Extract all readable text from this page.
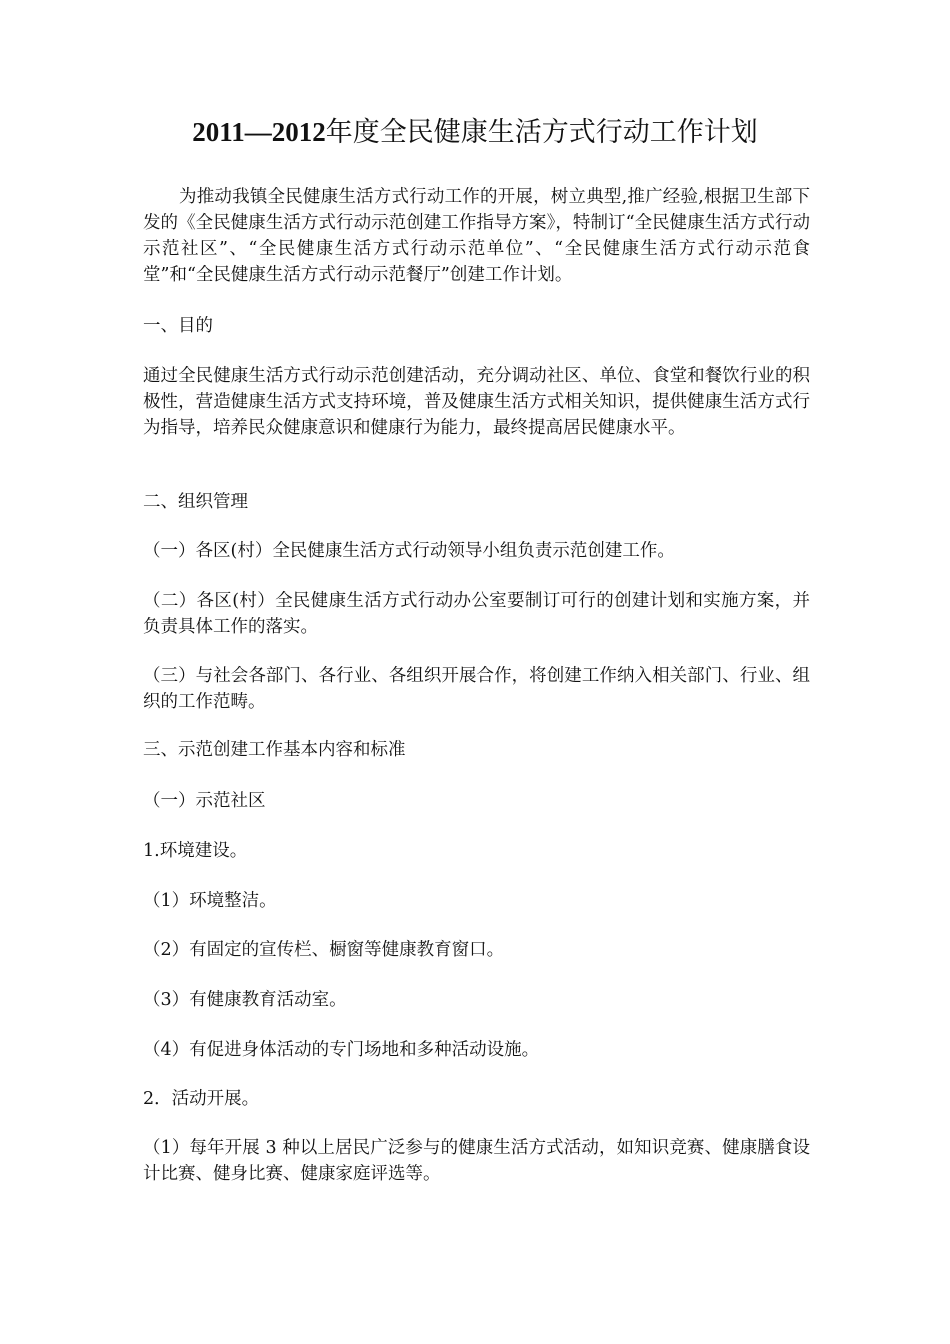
2011—2012年度全民健康生活方式行动工作计划

为推动我镇全民健康生活方式行动工作的开展，树立典型,推广经验,根据卫生部下发的《全民健康生活方式行动示范创建工作指导方案》，特制订“全民健康生活方式行动示范社区”、“全民健康生活方式行动示范单位”、“全民健康生活方式行动示范食堂”和“全民健康生活方式行动示范餐厅”创建工作计划。

一、目的

通过全民健康生活方式行动示范创建活动，充分调动社区、单位、食堂和餐饮行业的积极性，营造健康生活方式支持环境，普及健康生活方式相关知识，提供健康生活方式行为指导，培养民众健康意识和健康行为能力，最终提高居民健康水平。

二、组织管理

（一）各区(村）全民健康生活方式行动领导小组负责示范创建工作。

（二）各区(村）全民健康生活方式行动办公室要制订可行的创建计划和实施方案，并负责具体工作的落实。

（三）与社会各部门、各行业、各组织开展合作，将创建工作纳入相关部门、行业、组织的工作范畴。

三、示范创建工作基本内容和标准

（一）示范社区

1.环境建设。

（1）环境整洁。

（2）有固定的宣传栏、橱窗等健康教育窗口。

（3）有健康教育活动室。

（4）有促进身体活动的专门场地和多种活动设施。

2．活动开展。

（1）每年开展 3 种以上居民广泛参与的健康生活方式活动，如知识竞赛、健康膳食设计比赛、健身比赛、健康家庭评选等。
